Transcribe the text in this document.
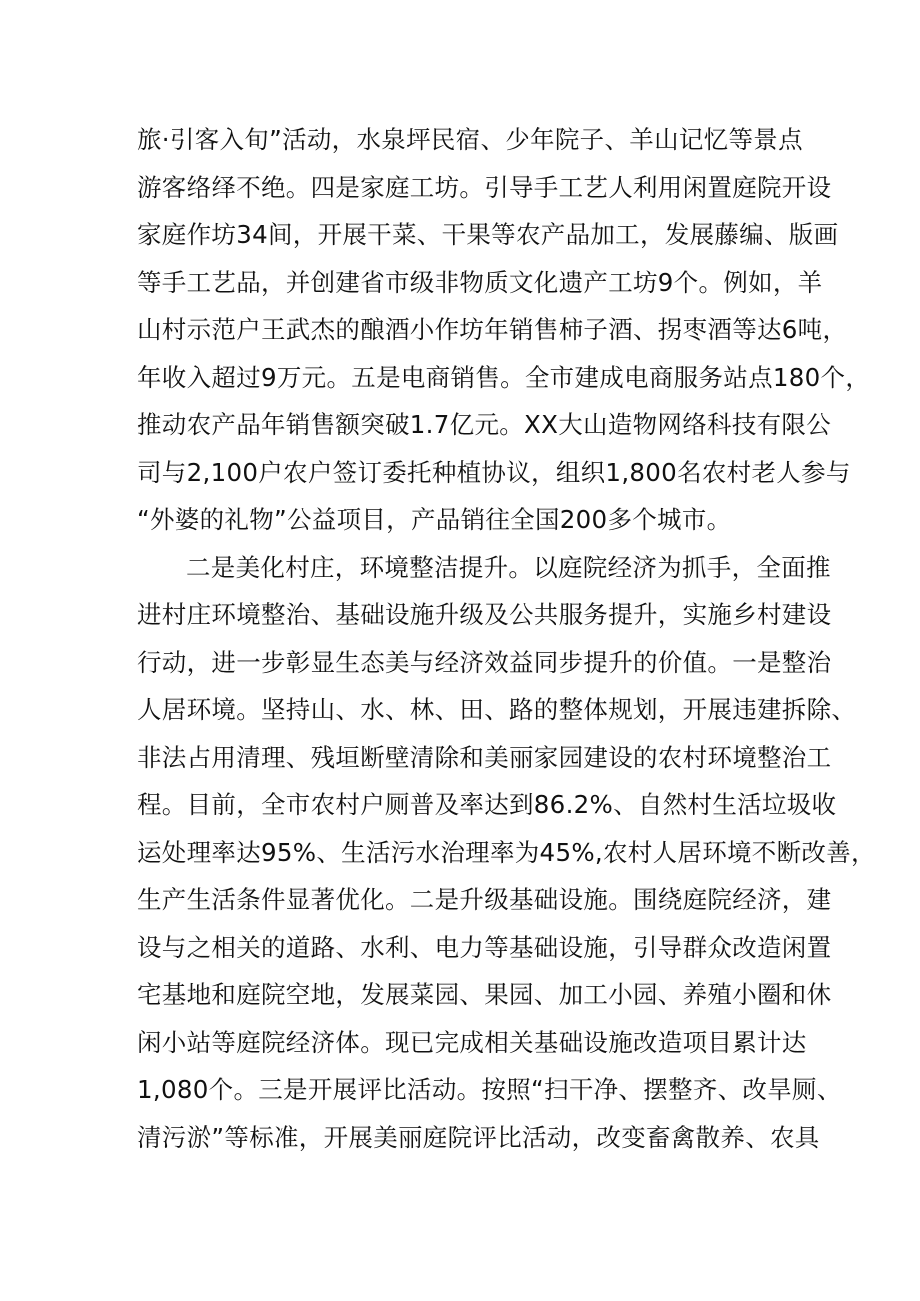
旅·引客入旬”活动，水泉坪民宿、少年院子、羊山记忆等景点
游客络绎不绝。四是家庭工坊。引导手工艺人利用闲置庭院开设
家庭作坊34间，开展干菜、干果等农产品加工，发展藤编、版画
等手工艺品，并创建省市级非物质文化遗产工坊9个。例如，羊
山村示范户王武杰的酿酒小作坊年销售柿子酒、拐枣酒等达6吨，
年收入超过9万元。五是电商销售。全市建成电商服务站点180个，
推动农产品年销售额突破1.7亿元。XX大山造物网络科技有限公
司与2,100户农户签订委托种植协议，组织1,800名农村老人参与
“外婆的礼物”公益项目，产品销往全国200多个城市。
二是美化村庄，环境整洁提升。以庭院经济为抓手，全面推
进村庄环境整治、基础设施升级及公共服务提升，实施乡村建设
行动，进一步彰显生态美与经济效益同步提升的价值。一是整治
人居环境。坚持山、水、林、田、路的整体规划，开展违建拆除、
非法占用清理、残垣断壁清除和美丽家园建设的农村环境整治工
程。目前，全市农村户厕普及率达到86.2%、自然村生活垃圾收
运处理率达95%、生活污水治理率为45%,农村人居环境不断改善，
生产生活条件显著优化。二是升级基础设施。围绕庭院经济，建
设与之相关的道路、水利、电力等基础设施，引导群众改造闲置
宅基地和庭院空地，发展菜园、果园、加工小园、养殖小圈和休
闲小站等庭院经济体。现已完成相关基础设施改造项目累计达
1,080个。三是开展评比活动。按照“扫干净、摆整齐、改旱厕、
清污淤”等标准，开展美丽庭院评比活动，改变畜禽散养、农具
